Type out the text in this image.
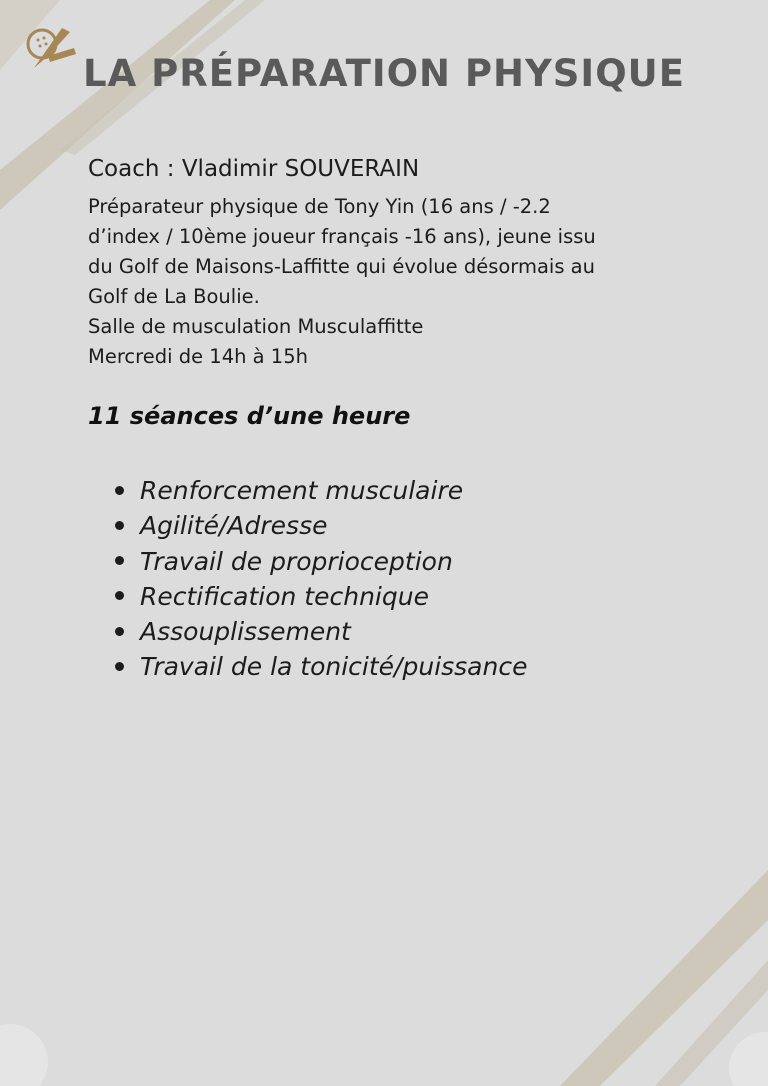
LA PRÉPARATION PHYSIQUE
Coach : Vladimir SOUVERAIN

Préparateur physique de Tony Yin (16 ans / -2.2

d’index / 10ème joueur français -16 ans), jeune issu

du Golf de Maisons-Laffitte qui évolue désormais au

Golf de La Boulie.

Salle de musculation Musculaffitte

Mercredi de 14h à 15h

11 séances d’une heure
Renforcement musculaire
Agilité/Adresse
Travail de proprioception
Rectification technique
Assouplissement
Travail de la tonicité/puissance
